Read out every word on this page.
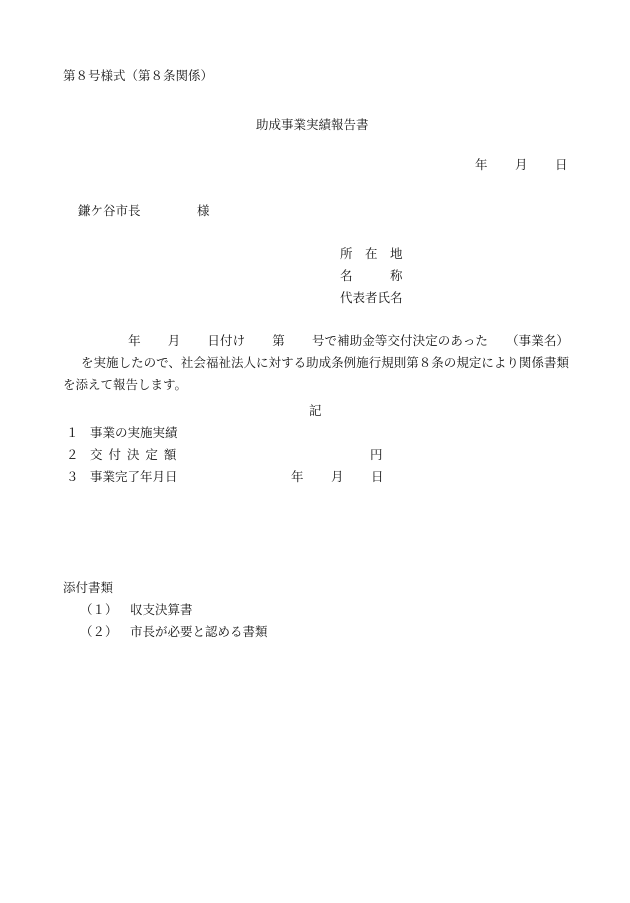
第８号様式（第８条関係）
助成事業実績報告書
年 月 日
鎌ケ谷市長	様
所　在　地
名　　　称
代表者氏名
年 月 日付け 第 号で補助金等交付決定のあった （事業名）を実施したので、社会福祉法人に対する助成条例施行規則第８条の規定により関係書類を添えて報告します。
記
１ 事業の実施実績
２ 交 付 決 定 額	円
３ 事業完了年月日	年 月 日
添付書類
（１） 収支決算書
（２） 市長が必要と認める書類
